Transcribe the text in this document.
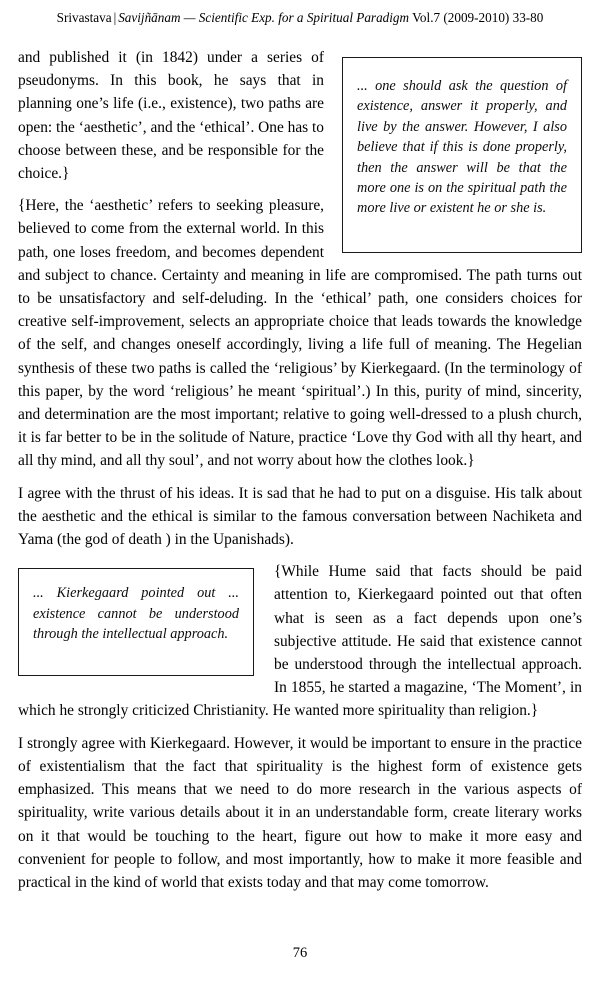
Srivastava | Savijñānam — Scientific Exp. for a Spiritual Paradigm Vol.7 (2009-2010) 33-80
... one should ask the question of existence, answer it properly, and live by the answer. However, I also believe that if this is done properly, then the answer will be that the more one is on the spiritual path the more live or existent he or she is.

and published it (in 1842) under a series of pseudonyms. In this book, he says that in planning one’s life (i.e., existence), two paths are open: the ‘aesthetic’, and the ‘ethical’. One has to choose between these, and be responsible for the choice.}

{Here, the ‘aesthetic’ refers to seeking pleasure, believed to come from the external world. In this path, one loses freedom, and becomes dependent and subject to chance. Certainty and meaning in life are compromised. The path turns out to be unsatisfactory and self-deluding. In the ‘ethical’ path, one considers choices for creative self-improvement, selects an appropriate choice that leads towards the knowledge of the self, and changes oneself accordingly, living a life full of meaning. The Hegelian synthesis of these two paths is called the ‘religious’ by Kierkegaard. (In the terminology of this paper, by the word ‘religious’ he meant ‘spiritual’.) In this, purity of mind, sincerity, and determination are the most important; relative to going well-dressed to a plush church, it is far better to be in the solitude of Nature, practice ‘Love thy God with all thy heart, and all thy mind, and all thy soul’, and not worry about how the clothes look.}

I agree with the thrust of his ideas. It is sad that he had to put on a disguise. His talk about the aesthetic and the ethical is similar to the famous conversation between Nachiketa and Yama (the god of death ) in the Upanishads).

... Kierkegaard pointed out ... existence cannot be understood through the intellectual approach.

{While Hume said that facts should be paid attention to, Kierkegaard pointed out that often what is seen as a fact depends upon one’s subjective attitude. He said that existence cannot be understood through the intellectual approach. In 1855, he started a magazine, ‘The Moment’, in which he strongly criticized Christianity. He wanted more spirituality than religion.}

I strongly agree with Kierkegaard. However, it would be important to ensure in the practice of existentialism that the fact that spirituality is the highest form of existence gets emphasized. This means that we need to do more research in the various aspects of spirituality, write various details about it in an understandable form, create literary works on it that would be touching to the heart, figure out how to make it more easy and convenient for people to follow, and most importantly, how to make it more feasible and practical in the kind of world that exists today and that may come tomorrow.

76
